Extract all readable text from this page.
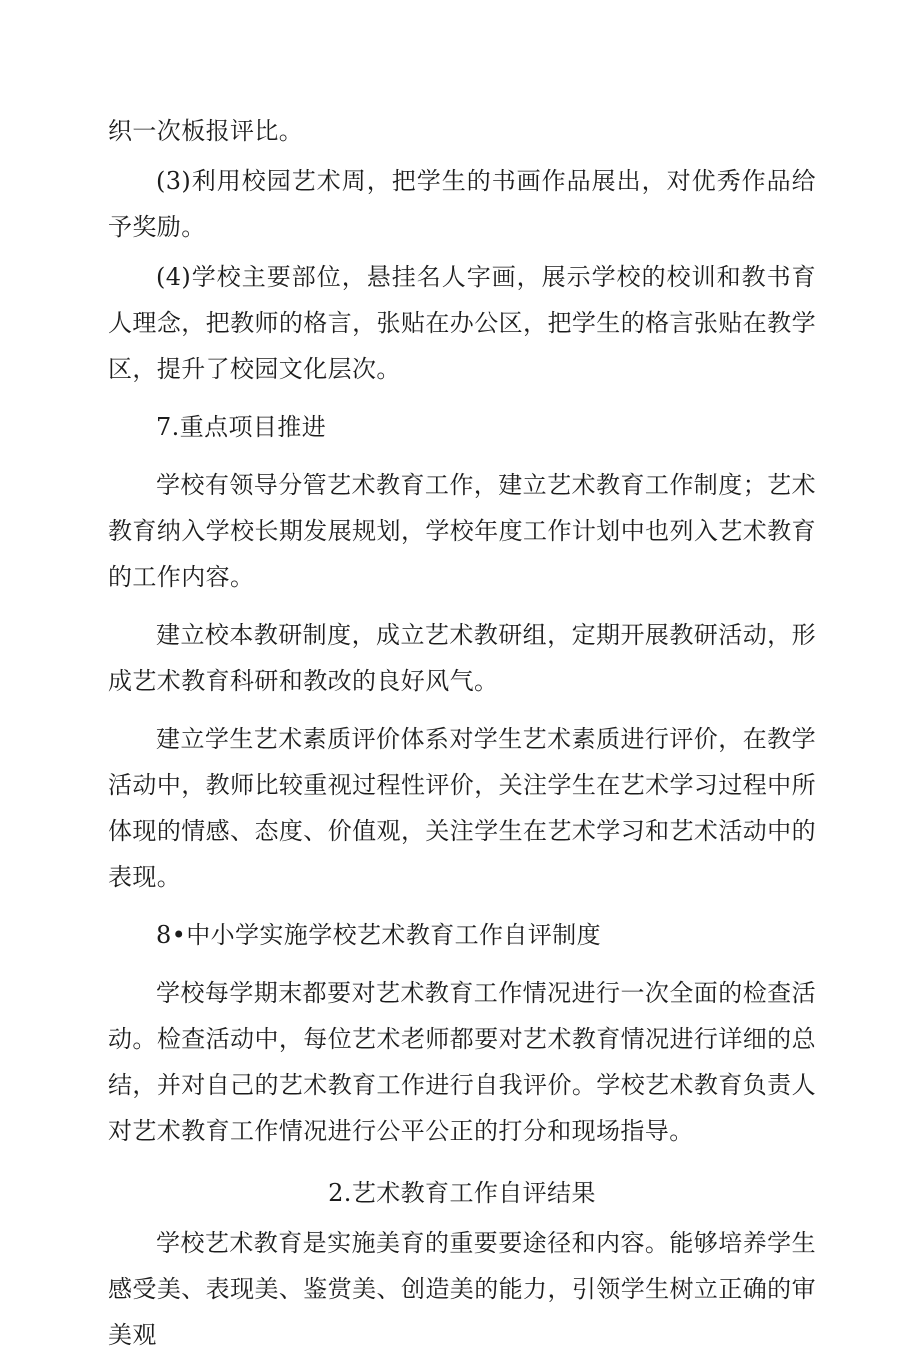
织一次板报评比。

(3)利用校园艺术周，把学生的书画作品展出，对优秀作品给予奖励。

(4)学校主要部位，悬挂名人字画，展示学校的校训和教书育人理念，把教师的格言，张贴在办公区，把学生的格言张贴在教学区，提升了校园文化层次。

7.重点项目推进

学校有领导分管艺术教育工作，建立艺术教育工作制度；艺术教育纳入学校长期发展规划，学校年度工作计划中也列入艺术教育的工作内容。

建立校本教研制度，成立艺术教研组，定期开展教研活动，形成艺术教育科研和教改的良好风气。

建立学生艺术素质评价体系对学生艺术素质进行评价，在教学活动中，教师比较重视过程性评价，关注学生在艺术学习过程中所体现的情感、态度、价值观，关注学生在艺术学习和艺术活动中的表现。

8•中小学实施学校艺术教育工作自评制度

学校每学期末都要对艺术教育工作情况进行一次全面的检查活动。检查活动中，每位艺术老师都要对艺术教育情况进行详细的总结，并对自己的艺术教育工作进行自我评价。学校艺术教育负责人对艺术教育工作情况进行公平公正的打分和现场指导。

2.艺术教育工作自评结果

学校艺术教育是实施美育的重要要途径和内容。能够培养学生感受美、表现美、鉴赏美、创造美的能力，引领学生树立正确的审美观
